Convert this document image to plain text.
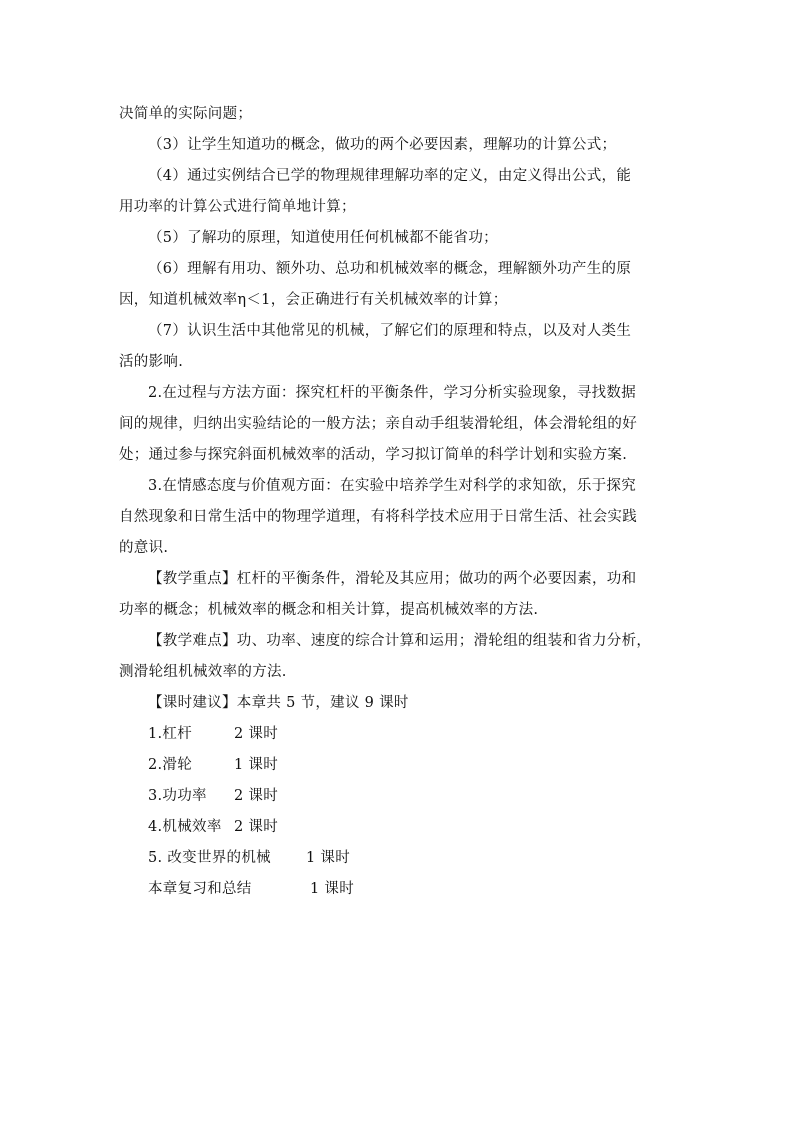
决简单的实际问题；
（3）让学生知道功的概念，做功的两个必要因素，理解功的计算公式；
（4）通过实例结合已学的物理规律理解功率的定义，由定义得出公式，能
用功率的计算公式进行简单地计算；
（5）了解功的原理，知道使用任何机械都不能省功；
（6）理解有用功、额外功、总功和机械效率的概念，理解额外功产生的原
因，知道机械效率η＜1，会正确进行有关机械效率的计算；
（7）认识生活中其他常见的机械，了解它们的原理和特点，以及对人类生
活的影响.
2.在过程与方法方面：探究杠杆的平衡条件，学习分析实验现象，寻找数据
间的规律，归纳出实验结论的一般方法；亲自动手组装滑轮组，体会滑轮组的好
处；通过参与探究斜面机械效率的活动，学习拟订简单的科学计划和实验方案.
3.在情感态度与价值观方面：在实验中培养学生对科学的求知欲，乐于探究
自然现象和日常生活中的物理学道理，有将科学技术应用于日常生活、社会实践
的意识.
【教学重点】杠杆的平衡条件，滑轮及其应用；做功的两个必要因素，功和
功率的概念；机械效率的概念和相关计算，提高机械效率的方法.
【教学难点】功、功率、速度的综合计算和运用；滑轮组的组装和省力分析，
测滑轮组机械效率的方法.
【课时建议】本章共 5 节，建议 9 课时
1.杠杆	2 课时
2.滑轮	1 课时
3.功功率 2 课时
4.机械效率 2 课时
5. 改变世界的机械 1 课时
本章复习和总结	1 课时
